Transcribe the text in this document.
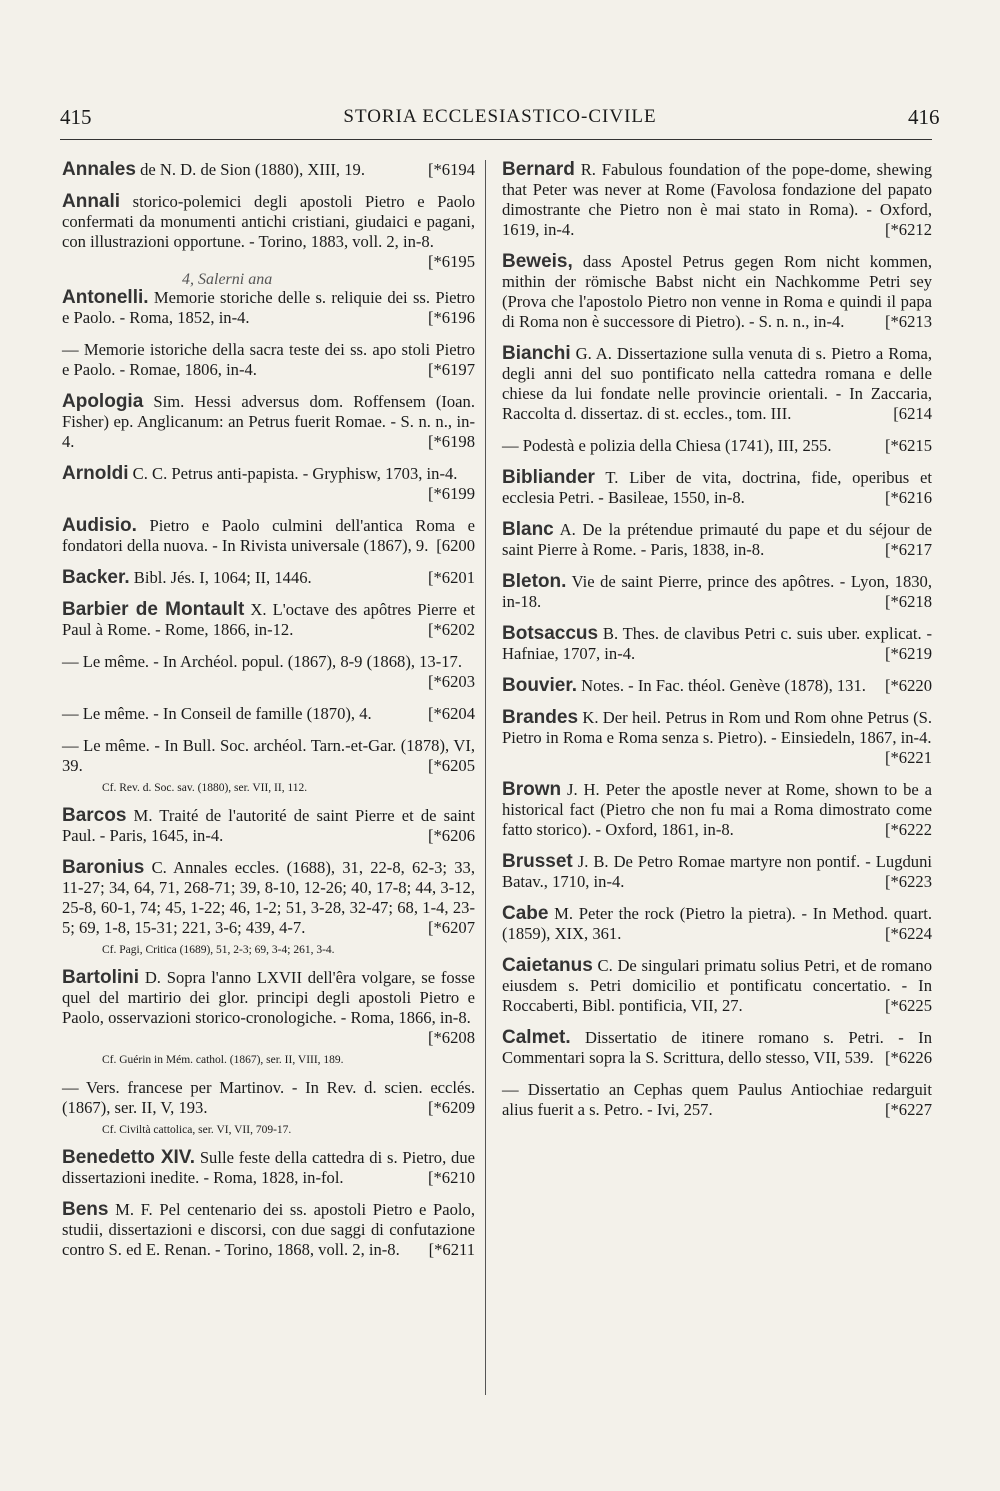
415	STORIA ECCLESIASTICO-CIVILE	416
Annales de N. D. de Sion (1880), XIII, 19.	[*6194
Annali storico-polemici degli apostoli Pietro e Paolo confermati da monumenti antichi cristiani, giudaici e pagani, con illustrazioni opportune. - Torino, 1883, voll. 2, in-8.
[*6195
4, Salerni ana
Antonelli. Memorie storiche delle s. reliquie dei ss. Pietro e Paolo. - Roma, 1852, in-4.	[*6196
— Memorie istoriche della sacra teste dei ss. apo stoli Pietro e Paolo. - Romae, 1806, in-4.	[*6197
Apologia Sim. Hessi adversus dom. Roffensem (Ioan. Fisher) ep. Anglicanum: an Petrus fuerit Romae. - S. n. n., in-4.	[*6198
Arnoldi C. C. Petrus anti-papista. - Gryphisw, 1703, in-4.
[*6199
Audisio. Pietro e Paolo culmini dell'antica Roma e fondatori della nuova. - In Rivista universale (1867), 9. [6200
Backer. Bibl. Jés. I, 1064; II, 1446.	[*6201
Barbier de Montault X. L'octave des apôtres Pierre et Paul à Rome. - Rome, 1866, in-12.	[*6202
— Le même. - In Archéol. popul. (1867), 8-9 (1868), 13-17.
[*6203
— Le même. - In Conseil de famille (1870), 4.	[*6204
— Le même. - In Bull. Soc. archéol. Tarn.-et-Gar. (1878), VI, 39.	[*6205
Cf. Rev. d. Soc. sav. (1880), ser. VII, II, 112.
Barcos M. Traité de l'autorité de saint Pierre et de saint Paul. - Paris, 1645, in-4.	[*6206
Baronius C. Annales eccles. (1688), 31, 22-8, 62-3; 33, 11-27; 34, 64, 71, 268-71; 39, 8-10, 12-26; 40, 17-8; 44, 3-12, 25-8, 60-1, 74; 45, 1-22; 46, 1-2; 51, 3-28, 32-47; 68, 1-4, 23-5; 69, 1-8, 15-31; 221, 3-6; 439, 4-7.	[*6207
Cf. Pagi, Critica (1689), 51, 2-3; 69, 3-4; 261, 3-4.
Bartolini D. Sopra l'anno LXVII dell'êra volgare, se fosse quel del martirio dei glor. principi degli apostoli Pietro e Paolo, osservazioni storico-cronologiche. - Roma, 1866, in-8.
[*6208
Cf. Guérin in Mém. cathol. (1867), ser. II, VIII, 189.
— Vers. francese per Martinov. - In Rev. d. scien. ecclés. (1867), ser. II, V, 193.	[*6209
Cf. Civiltà cattolica, ser. VI, VII, 709-17.
Benedetto XIV. Sulle feste della cattedra di s. Pietro, due dissertazioni inedite. - Roma, 1828, in-fol.	[*6210
Bens M. F. Pel centenario dei ss. apostoli Pietro e Paolo, studii, dissertazioni e discorsi, con due saggi di confutazione contro S. ed E. Renan. - Torino, 1868, voll. 2, in-8. [*6211
Bernard R. Fabulous foundation of the pope-dome, shewing that Peter was never at Rome (Favolosa fondazione del papato dimostrante che Pietro non è mai stato in Roma). - Oxford, 1619, in-4.	[*6212
Beweis, dass Apostel Petrus gegen Rom nicht kommen, mithin der römische Babst nicht ein Nachkomme Petri sey (Prova che l'apostolo Pietro non venne in Roma e quindi il papa di Roma non è successore di Pietro). - S. n. n., in-4. [*6213
Bianchi G. A. Dissertazione sulla venuta di s. Pietro a Roma, degli anni del suo pontificato nella cattedra romana e delle chiese da lui fondate nelle provincie orientali. - In Zaccaria, Raccolta d. dissertaz. di st. eccles., tom. III.	[6214
— Podestà e polizia della Chiesa (1741), III, 255.	[*6215
Bibliander T. Liber de vita, doctrina, fide, operibus et ecclesia Petri. - Basileae, 1550, in-8.	[*6216
Blanc A. De la prétendue primauté du pape et du séjour de saint Pierre à Rome. - Paris, 1838, in-8.	[*6217
Bleton. Vie de saint Pierre, prince des apôtres. - Lyon, 1830, in-18.	[*6218
Botsaccus B. Thes. de clavibus Petri c. suis uber. explicat. - Hafniae, 1707, in-4.	[*6219
Bouvier. Notes. - In Fac. théol. Genève (1878), 131. [*6220
Brandes K. Der heil. Petrus in Rom und Rom ohne Petrus (S. Pietro in Roma e Roma senza s. Pietro). - Einsiedeln, 1867, in-4.
[*6221
Brown J. H. Peter the apostle never at Rome, shown to be a historical fact (Pietro che non fu mai a Roma dimostrato come fatto storico). - Oxford, 1861, in-8.	[*6222
Brusset J. B. De Petro Romae martyre non pontif. - Lugduni Batav., 1710, in-4.	[*6223
Cabe M. Peter the rock (Pietro la pietra). - In Method. quart. (1859), XIX, 361.	[*6224
Caietanus C. De singulari primatu solius Petri, et de romano eiusdem s. Petri domicilio et pontificatu concertatio. - In Roccaberti, Bibl. pontificia, VII, 27.	[*6225
Calmet. Dissertatio de itinere romano s. Petri. - In Commentari sopra la S. Scrittura, dello stesso, VII, 539. [*6226
— Dissertatio an Cephas quem Paulus Antiochiae redarguit alius fuerit a s. Petro. - Ivi, 257.	[*6227
